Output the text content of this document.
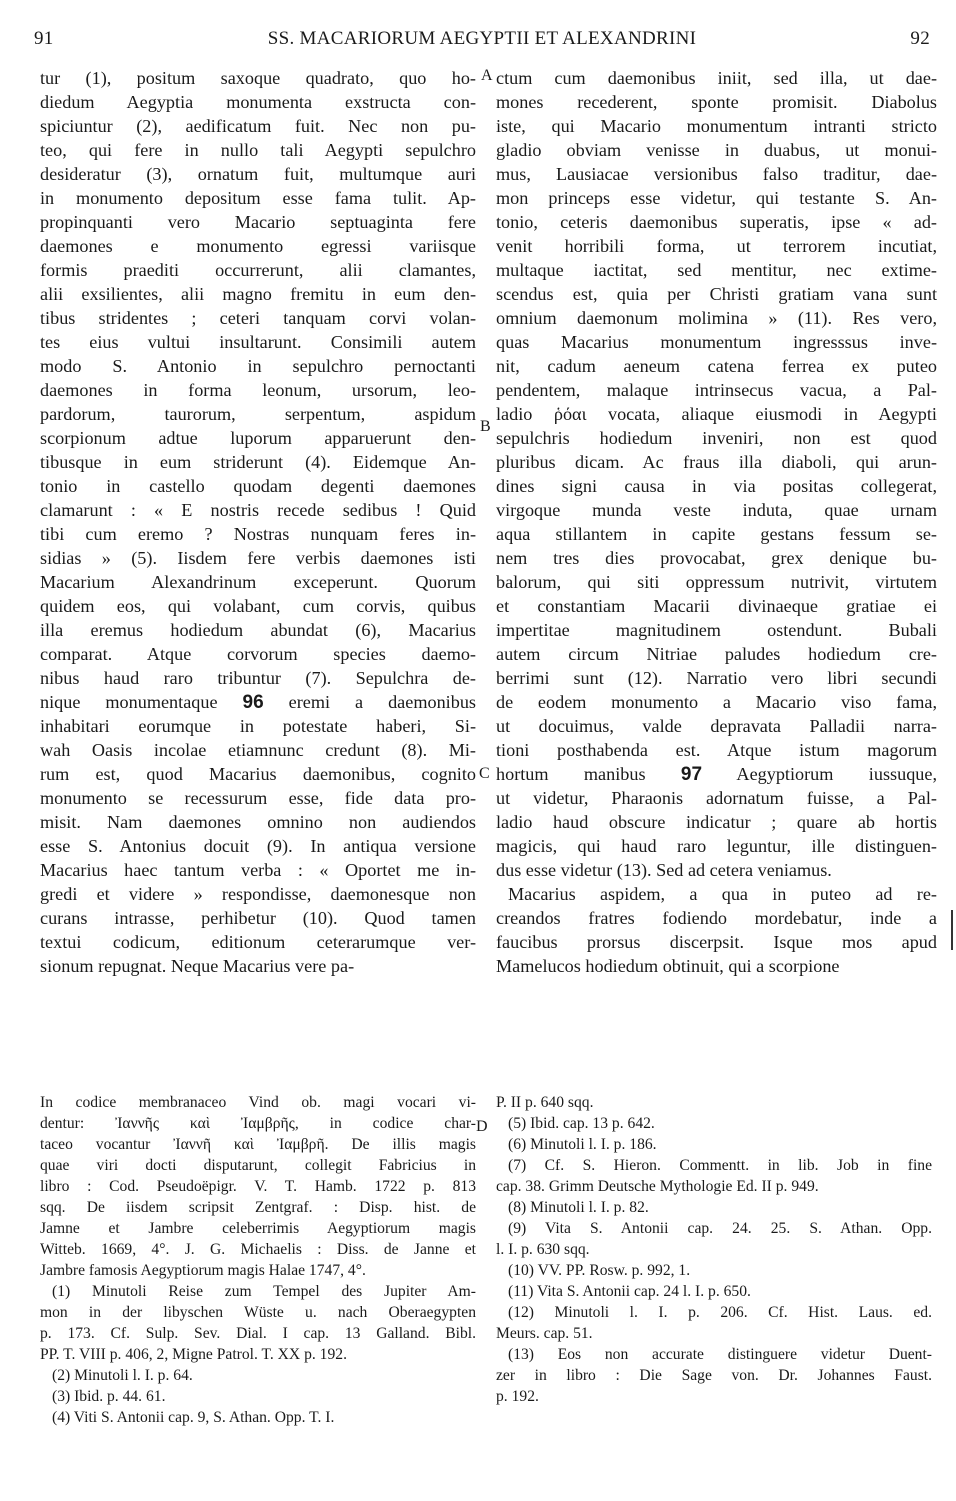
91	SS. MACARIORUM AEGYPTII ET ALEXANDRINI	92
tur (1), positum saxoque quadrato, quo ho-
diedum Aegyptia monumenta exstructa con-
spiciuntur (2), aedificatum fuit. Nec non pu-
teo, qui fere in nullo tali Aegypti sepulchro
desideratur (3), ornatum fuit, multumque auri
in monumento depositum esse fama tulit. Ap-
propinquanti vero Macario septuaginta fere
daemones e monumento egressi variisque
formis praediti occurrerunt, alii clamantes,
alii exsilientes, alii magno fremitu in eum den-
tibus stridentes ; ceteri tanquam corvi volan-
tes eius vultui insultarunt. Consimili autem
modo S. Antonio in sepulchro pernoctanti
daemones in forma leonum, ursorum, leo-
pardorum, taurorum, serpentum, aspidum
scorpionum adtue luporum apparuerunt den-
tibusque in eum striderunt (4). Eidemque An-
tonio in castello quodam degenti daemones
clamarunt : « E nostris recede sedibus ! Quid
tibi cum eremo ? Nostras nunquam feres in-
sidias » (5). Iisdem fere verbis daemones isti
Macarium Alexandrinum exceperunt. Quorum
quidem eos, qui volabant, cum corvis, quibus
illa eremus hodiedum abundat (6), Macarius
comparat. Atque corvorum species daemo-
nibus haud raro tribuntur (7). Sepulchra de-
nique monumentaque 96 eremi a daemonibus
inhabitari eorumque in potestate haberi, Si-
wah Oasis incolae etiamnunc credunt (8). Mi-
rum est, quod Macarius daemonibus, cognito
monumento se recessurum esse, fide data pro-
misit. Nam daemones omnino non audiendos
esse S. Antonius docuit (9). In antiqua versione
Macarius haec tantum verba : « Oportet me in-
gredi et videre » respondisse, daemonesque non
curans intrasse, perhibetur (10). Quod tamen
textui codicum, editionum ceterarumque ver-
sionum repugnat. Neque Macarius vere pa-
ctum cum daemonibus iniit, sed illa, ut dae-
mones recederent, sponte promisit. Diabolus
iste, qui Macario monumentum intranti stricto
gladio obviam venisse in duabus, ut monui-
mus, Lausiacae versionibus falso traditur, dae-
mon princeps esse videtur, qui testante S. An-
tonio, ceteris daemonibus superatis, ipse « ad-
venit horribili forma, ut terrorem incutiat,
multaque iactitat, sed mentitur, nec extime-
scendus est, quia per Christi gratiam vana sunt
omnium daemonum molimina » (11). Res vero,
quas Macarius monumentum ingresssus inve-
nit, cadum aeneum catena ferrea ex puteo
pendentem, malaque intrinsecus vacua, a Pal-
ladio ῥόαι vocata, aliaque eiusmodi in Aegypti
sepulchris hodiedum inveniri, non est quod
pluribus dicam. Ac fraus illa diaboli, qui arun-
dines signi causa in via positas collegerat,
virgoque munda veste induta, quae urnam
aqua stillantem in capite gestans fessum se-
nem tres dies provocabat, grex denique bu-
balorum, qui siti oppressum nutrivit, virtutem
et constantiam Macarii divinaeque gratiae ei
impertitae magnitudinem ostendunt. Bubali
autem circum Nitriae paludes hodiedum cre-
berrimi sunt (12). Narratio vero libri secundi
de eodem monumento a Macario viso fama,
ut docuimus, valde depravata Palladii narra-
tioni posthabenda est. Atque istum magorum
hortum manibus 97 Aegyptiorum iussuque,
ut videtur, Pharaonis adornatum fuisse, a Pal-
ladio haud obscure indicatur ; quare ab hortis
magicis, qui haud raro leguntur, ille distinguen-
dus esse videtur (13). Sed ad cetera veniamus.
Macarius aspidem, a qua in puteo ad re-
creandos fratres fodiendo mordebatur, inde a
faucibus prorsus discerpsit. Isque mos apud
Mamelucos hodiedum obtinuit, qui a scorpione
A
B
C
D
In codice membranaceo Vind ob. magi vocari vi-
dentur: Ἰαννῆς καὶ Ἰαμβρῆς, in codice char-
taceo vocantur Ἰαννῆ καὶ Ἰαμβρῆ. De illis magis
quae viri docti disputarunt, collegit Fabricius in
libro : Cod. Pseudoëpigr. V. T. Hamb. 1722 p. 813
sqq. De iisdem scripsit Zentgraf. : Disp. hist. de
Jamne et Jambre celeberrimis Aegyptiorum magis
Witteb. 1669, 4°. J. G. Michaelis : Diss. de Janne et
Jambre famosis Aegyptiorum magis Halae 1747, 4°.
(1) Minutoli Reise zum Tempel des Jupiter Am-
mon in der libyschen Wüste u. nach Oberaegypten
p. 173. Cf. Sulp. Sev. Dial. I cap. 13 Galland. Bibl.
PP. T. VIII p. 406, 2, Migne Patrol. T. XX p. 192.
(2) Minutoli l. I. p. 64.
(3) Ibid. p. 44. 61.
(4) Viti S. Antonii cap. 9, S. Athan. Opp. T. I.
P. II p. 640 sqq.
(5) Ibid. cap. 13 p. 642.
(6) Minutoli l. I. p. 186.
(7) Cf. S. Hieron. Commentt. in lib. Job in fine
cap. 38. Grimm Deutsche Mythologie Ed. II p. 949.
(8) Minutoli l. I. p. 82.
(9) Vita S. Antonii cap. 24. 25. S. Athan. Opp.
l. I. p. 630 sqq.
(10) VV. PP. Rosw. p. 992, 1.
(11) Vita S. Antonii cap. 24 l. I. p. 650.
(12) Minutoli l. I. p. 206. Cf. Hist. Laus. ed.
Meurs. cap. 51.
(13) Eos non accurate distinguere videtur Duent-
zer in libro : Die Sage von. Dr. Johannes Faust.
p. 192.
